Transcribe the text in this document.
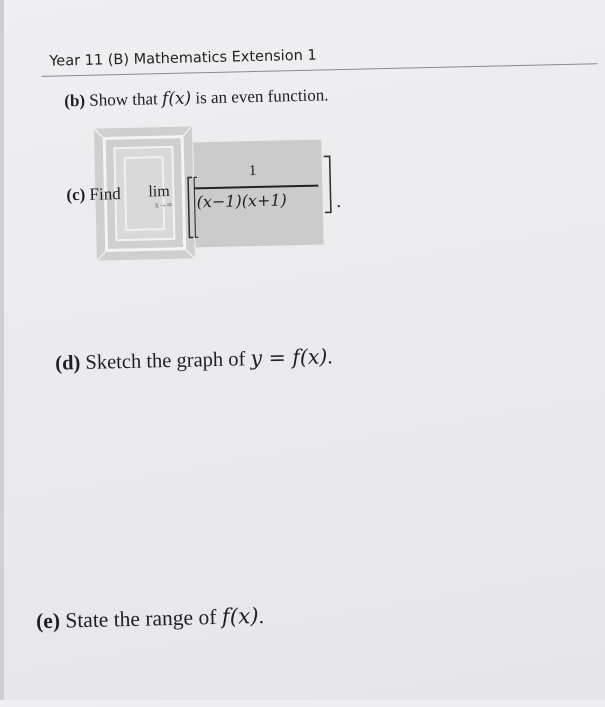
Year 11 (B) Mathematics Extension 1
(b) Show that f(x) is an even function.
(c) Find lim
x→∞
1
(x−1)(x+1)
(d) Sketch the graph of y = f(x).
(e) State the range of f(x).
